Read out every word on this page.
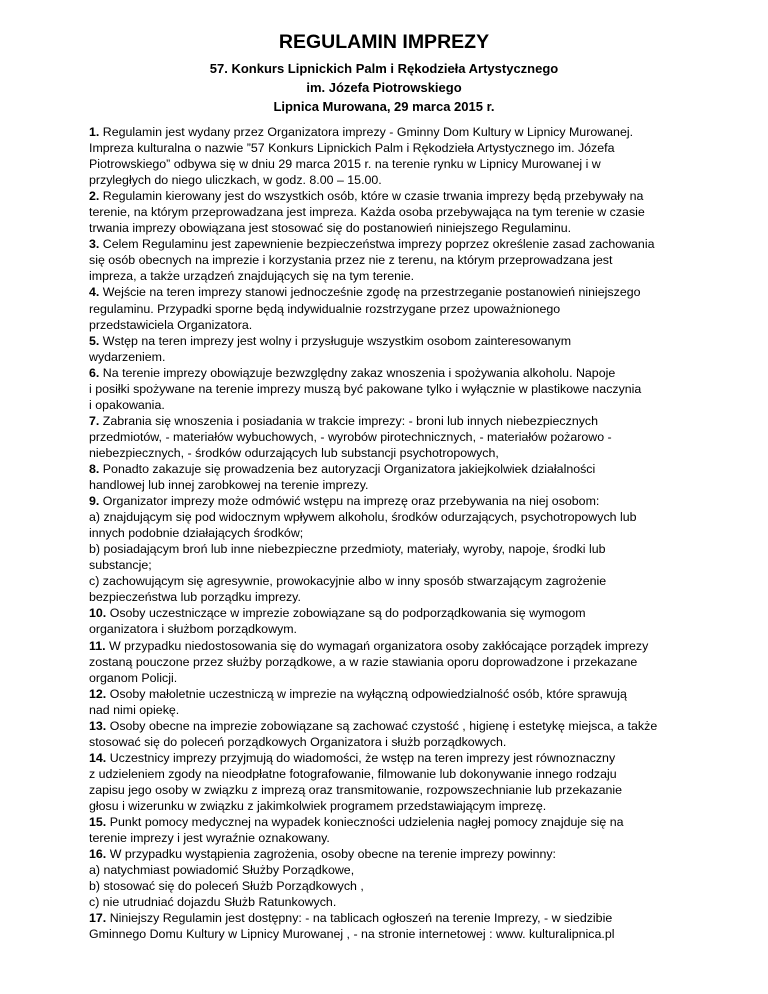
REGULAMIN IMPREZY

57. Konkurs Lipnickich Palm i Rękodzieła Artystycznego

im. Józefa Piotrowskiego

Lipnica Murowana, 29 marca 2015 r.

1. Regulamin jest wydany przez Organizatora imprezy - Gminny Dom Kultury w Lipnicy Murowanej.
Impreza kulturalna o nazwie ”57 Konkurs Lipnickich Palm i Rękodzieła Artystycznego im. Józefa
Piotrowskiego” odbywa się w dniu 29 marca 2015 r. na terenie rynku w Lipnicy Murowanej i w
przyległych do niego uliczkach, w godz. 8.00 – 15.00.

2. Regulamin kierowany jest do wszystkich osób, które w czasie trwania imprezy będą przebywały na
terenie, na którym przeprowadzana jest impreza. Każda osoba przebywająca na tym terenie w czasie
trwania imprezy obowiązana jest stosować się do postanowień niniejszego Regulaminu.

3. Celem Regulaminu jest zapewnienie bezpieczeństwa imprezy poprzez określenie zasad zachowania
się osób obecnych na imprezie i korzystania przez nie z terenu, na którym przeprowadzana jest
impreza, a także urządzeń znajdujących się na tym terenie.

4. Wejście na teren imprezy stanowi jednocześnie zgodę na przestrzeganie postanowień niniejszego
regulaminu. Przypadki sporne będą indywidualnie rozstrzygane przez upoważnionego
przedstawiciela Organizatora.

5. Wstęp na teren imprezy jest wolny i przysługuje wszystkim osobom zainteresowanym
wydarzeniem.

6. Na terenie imprezy obowiązuje bezwzględny zakaz wnoszenia i spożywania alkoholu. Napoje
i posiłki spożywane na terenie imprezy muszą być pakowane tylko i wyłącznie w plastikowe naczynia
i opakowania.

7. Zabrania się wnoszenia i posiadania w trakcie imprezy: - broni lub innych niebezpiecznych
przedmiotów, - materiałów wybuchowych, - wyrobów pirotechnicznych, - materiałów pożarowo -
niebezpiecznych, - środków odurzających lub substancji psychotropowych,

8. Ponadto zakazuje się prowadzenia bez autoryzacji Organizatora jakiejkolwiek działalności
handlowej lub innej zarobkowej na terenie imprezy.

9. Organizator imprezy może odmówić wstępu na imprezę oraz przebywania na niej osobom:
a) znajdującym się pod widocznym wpływem alkoholu, środków odurzających, psychotropowych lub
innych podobnie działających środków;
b) posiadającym broń lub inne niebezpieczne przedmioty, materiały, wyroby, napoje, środki lub
substancje;
c) zachowującym się agresywnie, prowokacyjnie albo w inny sposób stwarzającym zagrożenie
bezpieczeństwa lub porządku imprezy.

10. Osoby uczestniczące w imprezie zobowiązane są do podporządkowania się wymogom
organizatora i służbom porządkowym.

11. W przypadku niedostosowania się do wymagań organizatora osoby zakłócające porządek imprezy
zostaną pouczone przez służby porządkowe, a w razie stawiania oporu doprowadzone i przekazane
organom Policji.

12. Osoby małoletnie uczestniczą w imprezie na wyłączną odpowiedzialność osób, które sprawują
nad nimi opiekę.

13. Osoby obecne na imprezie zobowiązane są zachować czystość , higienę i estetykę miejsca, a także
stosować się do poleceń porządkowych Organizatora i służb porządkowych.

14. Uczestnicy imprezy przyjmują do wiadomości, że wstęp na teren imprezy jest równoznaczny
z udzieleniem zgody na nieodpłatne fotografowanie, filmowanie lub dokonywanie innego rodzaju
zapisu jego osoby w związku z imprezą oraz transmitowanie, rozpowszechnianie lub przekazanie
głosu i wizerunku w związku z jakimkolwiek programem przedstawiającym imprezę.

15. Punkt pomocy medycznej na wypadek konieczności udzielenia nagłej pomocy znajduje się na
terenie imprezy i jest wyraźnie oznakowany.

16. W przypadku wystąpienia zagrożenia, osoby obecne na terenie imprezy powinny:
a) natychmiast powiadomić Służby Porządkowe,
b) stosować się do poleceń Służb Porządkowych ,
c) nie utrudniać dojazdu Służb Ratunkowych.

17. Niniejszy Regulamin jest dostępny: - na tablicach ogłoszeń na terenie Imprezy, - w siedzibie
Gminnego Domu Kultury w Lipnicy Murowanej , - na stronie internetowej : www. kulturalipnica.pl
